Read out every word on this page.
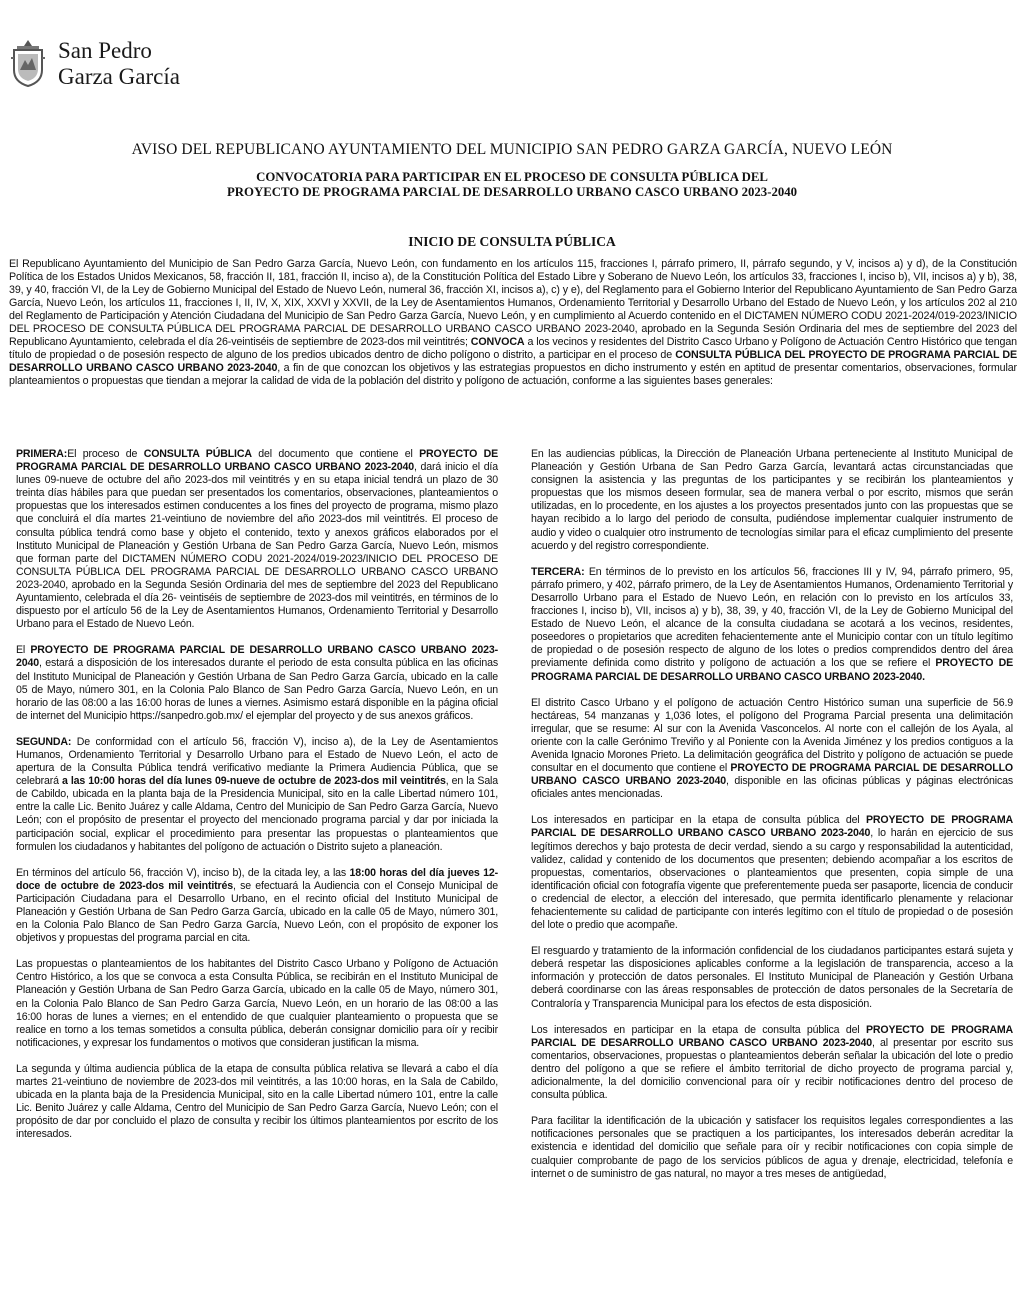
San Pedro
Garza García
AVISO DEL REPUBLICANO AYUNTAMIENTO DEL MUNICIPIO SAN PEDRO GARZA GARCÍA, NUEVO LEÓN
CONVOCATORIA PARA PARTICIPAR EN EL PROCESO DE CONSULTA PÚBLICA DEL
PROYECTO DE PROGRAMA PARCIAL DE DESARROLLO URBANO CASCO URBANO 2023-2040
INICIO DE CONSULTA PÚBLICA
El Republicano Ayuntamiento del Municipio de San Pedro Garza García, Nuevo León, con fundamento en los artículos 115, fracciones I, párrafo primero, II, párrafo segundo, y V, incisos a) y d), de la Constitución Política de los Estados Unidos Mexicanos, 58, fracción II, 181, fracción II, inciso a), de la Constitución Política del Estado Libre y Soberano de Nuevo León, los artículos 33, fracciones I, inciso b), VII, incisos a) y b), 38, 39, y 40, fracción VI, de la Ley de Gobierno Municipal del Estado de Nuevo León, numeral 36, fracción XI, incisos a), c) y e), del Reglamento para el Gobierno Interior del Republicano Ayuntamiento de San Pedro Garza García, Nuevo León, los artículos 11, fracciones I, II, IV, X, XIX, XXVI y XXVII, de la Ley de Asentamientos Humanos, Ordenamiento Territorial y Desarrollo Urbano del Estado de Nuevo León, y los artículos 202 al 210 del Reglamento de Participación y Atención Ciudadana del Municipio de San Pedro Garza García, Nuevo León, y en cumplimiento al Acuerdo contenido en el DICTAMEN NÚMERO CODU 2021-2024/019-2023/INICIO DEL PROCESO DE CONSULTA PÚBLICA DEL PROGRAMA PARCIAL DE DESARROLLO URBANO CASCO URBANO 2023-2040, aprobado en la Segunda Sesión Ordinaria del mes de septiembre del 2023 del Republicano Ayuntamiento, celebrada el día 26-veintiséis de septiembre de 2023-dos mil veintitrés; CONVOCA a los vecinos y residentes del Distrito Casco Urbano y Polígono de Actuación Centro Histórico que tengan título de propiedad o de posesión respecto de alguno de los predios ubicados dentro de dicho polígono o distrito, a participar en el proceso de CONSULTA PÚBLICA DEL PROYECTO DE PROGRAMA PARCIAL DE DESARROLLO URBANO CASCO URBANO 2023-2040, a fin de que conozcan los objetivos y las estrategias propuestos en dicho instrumento y estén en aptitud de presentar comentarios, observaciones, formular planteamientos o propuestas que tiendan a mejorar la calidad de vida de la población del distrito y polígono de actuación, conforme a las siguientes bases generales:

PRIMERA:El proceso de CONSULTA PÚBLICA del documento que contiene el PROYECTO DE PROGRAMA PARCIAL DE DESARROLLO URBANO CASCO URBANO 2023-2040, dará inicio el día lunes 09-nueve de octubre del año 2023-dos mil veintitrés y en su etapa inicial tendrá un plazo de 30 treinta días hábiles para que puedan ser presentados los comentarios, observaciones, planteamientos o propuestas que los interesados estimen conducentes a los fines del proyecto de programa, mismo plazo que concluirá el día martes 21-veintiuno de noviembre del año 2023-dos mil veintitrés. El proceso de consulta pública tendrá como base y objeto el contenido, texto y anexos gráficos elaborados por el Instituto Municipal de Planeación y Gestión Urbana de San Pedro Garza García, Nuevo León, mismos que forman parte del DICTAMEN NÚMERO CODU 2021-2024/019-2023/INICIO DEL PROCESO DE CONSULTA PÚBLICA DEL PROGRAMA PARCIAL DE DESARROLLO URBANO CASCO URBANO 2023-2040, aprobado en la Segunda Sesión Ordinaria del mes de septiembre del 2023 del Republicano Ayuntamiento, celebrada el día 26- veintiséis de septiembre de 2023-dos mil veintitrés, en términos de lo dispuesto por el artículo 56 de la Ley de Asentamientos Humanos, Ordenamiento Territorial y Desarrollo Urbano para el Estado de Nuevo León.

El PROYECTO DE PROGRAMA PARCIAL DE DESARROLLO URBANO CASCO URBANO 2023-2040, estará a disposición de los interesados durante el periodo de esta consulta pública en las oficinas del Instituto Municipal de Planeación y Gestión Urbana de San Pedro Garza García, ubicado en la calle 05 de Mayo, número 301, en la Colonia Palo Blanco de San Pedro Garza García, Nuevo León, en un horario de las 08:00 a las 16:00 horas de lunes a viernes. Asimismo estará disponible en la página oficial de internet del Municipio https://sanpedro.gob.mx/ el ejemplar del proyecto y de sus anexos gráficos.

SEGUNDA: De conformidad con el artículo 56, fracción V), inciso a), de la Ley de Asentamientos Humanos, Ordenamiento Territorial y Desarrollo Urbano para el Estado de Nuevo León, el acto de apertura de la Consulta Pública tendrá verificativo mediante la Primera Audiencia Pública, que se celebrará a las 10:00 horas del día lunes 09-nueve de octubre de 2023-dos mil veintitrés, en la Sala de Cabildo, ubicada en la planta baja de la Presidencia Municipal, sito en la calle Libertad número 101, entre la calle Lic. Benito Juárez y calle Aldama, Centro del Municipio de San Pedro Garza García, Nuevo León; con el propósito de presentar el proyecto del mencionado programa parcial y dar por iniciada la participación social, explicar el procedimiento para presentar las propuestas o planteamientos que formulen los ciudadanos y habitantes del polígono de actuación o Distrito sujeto a planeación.

En términos del artículo 56, fracción V), inciso b), de la citada ley, a las 18:00 horas del día jueves 12-doce de octubre de 2023-dos mil veintitrés, se efectuará la Audiencia con el Consejo Municipal de Participación Ciudadana para el Desarrollo Urbano, en el recinto oficial del Instituto Municipal de Planeación y Gestión Urbana de San Pedro Garza García, ubicado en la calle 05 de Mayo, número 301, en la Colonia Palo Blanco de San Pedro Garza García, Nuevo León, con el propósito de exponer los objetivos y propuestas del programa parcial en cita.

Las propuestas o planteamientos de los habitantes del Distrito Casco Urbano y Polígono de Actuación Centro Histórico, a los que se convoca a esta Consulta Pública, se recibirán en el Instituto Municipal de Planeación y Gestión Urbana de San Pedro Garza García, ubicado en la calle 05 de Mayo, número 301, en la Colonia Palo Blanco de San Pedro Garza García, Nuevo León, en un horario de las 08:00 a las 16:00 horas de lunes a viernes; en el entendido de que cualquier planteamiento o propuesta que se realice en torno a los temas sometidos a consulta pública, deberán consignar domicilio para oír y recibir notificaciones, y expresar los fundamentos o motivos que consideran justifican la misma.

La segunda y última audiencia pública de la etapa de consulta pública relativa se llevará a cabo el día martes 21-veintiuno de noviembre de 2023-dos mil veintitrés, a las 10:00 horas, en la Sala de Cabildo, ubicada en la planta baja de la Presidencia Municipal, sito en la calle Libertad número 101, entre la calle Lic. Benito Juárez y calle Aldama, Centro del Municipio de San Pedro Garza García, Nuevo León; con el propósito de dar por concluido el plazo de consulta y recibir los últimos planteamientos por escrito de los interesados.

En las audiencias públicas, la Dirección de Planeación Urbana perteneciente al Instituto Municipal de Planeación y Gestión Urbana de San Pedro Garza García, levantará actas circunstanciadas que consignen la asistencia y las preguntas de los participantes y se recibirán los planteamientos y propuestas que los mismos deseen formular, sea de manera verbal o por escrito, mismos que serán utilizadas, en lo procedente, en los ajustes a los proyectos presentados junto con las propuestas que se hayan recibido a lo largo del periodo de consulta, pudiéndose implementar cualquier instrumento de audio y video o cualquier otro instrumento de tecnologías similar para el eficaz cumplimiento del presente acuerdo y del registro correspondiente.

TERCERA: En términos de lo previsto en los artículos 56, fracciones III y IV, 94, párrafo primero, 95, párrafo primero, y 402, párrafo primero, de la Ley de Asentamientos Humanos, Ordenamiento Territorial y Desarrollo Urbano para el Estado de Nuevo León, en relación con lo previsto en los artículos 33, fracciones I, inciso b), VII, incisos a) y b), 38, 39, y 40, fracción VI, de la Ley de Gobierno Municipal del Estado de Nuevo León, el alcance de la consulta ciudadana se acotará a los vecinos, residentes, poseedores o propietarios que acrediten fehacientemente ante el Municipio contar con un título legítimo de propiedad o de posesión respecto de alguno de los lotes o predios comprendidos dentro del área previamente definida como distrito y polígono de actuación a los que se refiere el PROYECTO DE PROGRAMA PARCIAL DE DESARROLLO URBANO CASCO URBANO 2023-2040.

El distrito Casco Urbano y el polígono de actuación Centro Histórico suman una superficie de 56.9 hectáreas, 54 manzanas y 1,036 lotes, el polígono del Programa Parcial presenta una delimitación irregular, que se resume: Al sur con la Avenida Vasconcelos. Al norte con el callejón de los Ayala, al oriente con la calle Gerónimo Treviño y al Poniente con la Avenida Jiménez y los predios contiguos a la Avenida Ignacio Morones Prieto. La delimitación geográfica del Distrito y polígono de actuación se puede consultar en el documento que contiene el PROYECTO DE PROGRAMA PARCIAL DE DESARROLLO URBANO CASCO URBANO 2023-2040, disponible en las oficinas públicas y páginas electrónicas oficiales antes mencionadas.

Los interesados en participar en la etapa de consulta pública del PROYECTO DE PROGRAMA PARCIAL DE DESARROLLO URBANO CASCO URBANO 2023-2040, lo harán en ejercicio de sus legítimos derechos y bajo protesta de decir verdad, siendo a su cargo y responsabilidad la autenticidad, validez, calidad y contenido de los documentos que presenten; debiendo acompañar a los escritos de propuestas, comentarios, observaciones o planteamientos que presenten, copia simple de una identificación oficial con fotografía vigente que preferentemente pueda ser pasaporte, licencia de conducir o credencial de elector, a elección del interesado, que permita identificarlo plenamente y relacionar fehacientemente su calidad de participante con interés legítimo con el título de propiedad o de posesión del lote o predio que acompañe.

El resguardo y tratamiento de la información confidencial de los ciudadanos participantes estará sujeta y deberá respetar las disposiciones aplicables conforme a la legislación de transparencia, acceso a la información y protección de datos personales. El Instituto Municipal de Planeación y Gestión Urbana deberá coordinarse con las áreas responsables de protección de datos personales de la Secretaría de Contraloría y Transparencia Municipal para los efectos de esta disposición.

Los interesados en participar en la etapa de consulta pública del PROYECTO DE PROGRAMA PARCIAL DE DESARROLLO URBANO CASCO URBANO 2023-2040, al presentar por escrito sus comentarios, observaciones, propuestas o planteamientos deberán señalar la ubicación del lote o predio dentro del polígono a que se refiere el ámbito territorial de dicho proyecto de programa parcial y, adicionalmente, la del domicilio convencional para oír y recibir notificaciones dentro del proceso de consulta pública.

Para facilitar la identificación de la ubicación y satisfacer los requisitos legales correspondientes a las notificaciones personales que se practiquen a los participantes, los interesados deberán acreditar la existencia e identidad del domicilio que señale para oír y recibir notificaciones con copia simple de cualquier comprobante de pago de los servicios públicos de agua y drenaje, electricidad, telefonía e internet o de suministro de gas natural, no mayor a tres meses de antigüedad,
